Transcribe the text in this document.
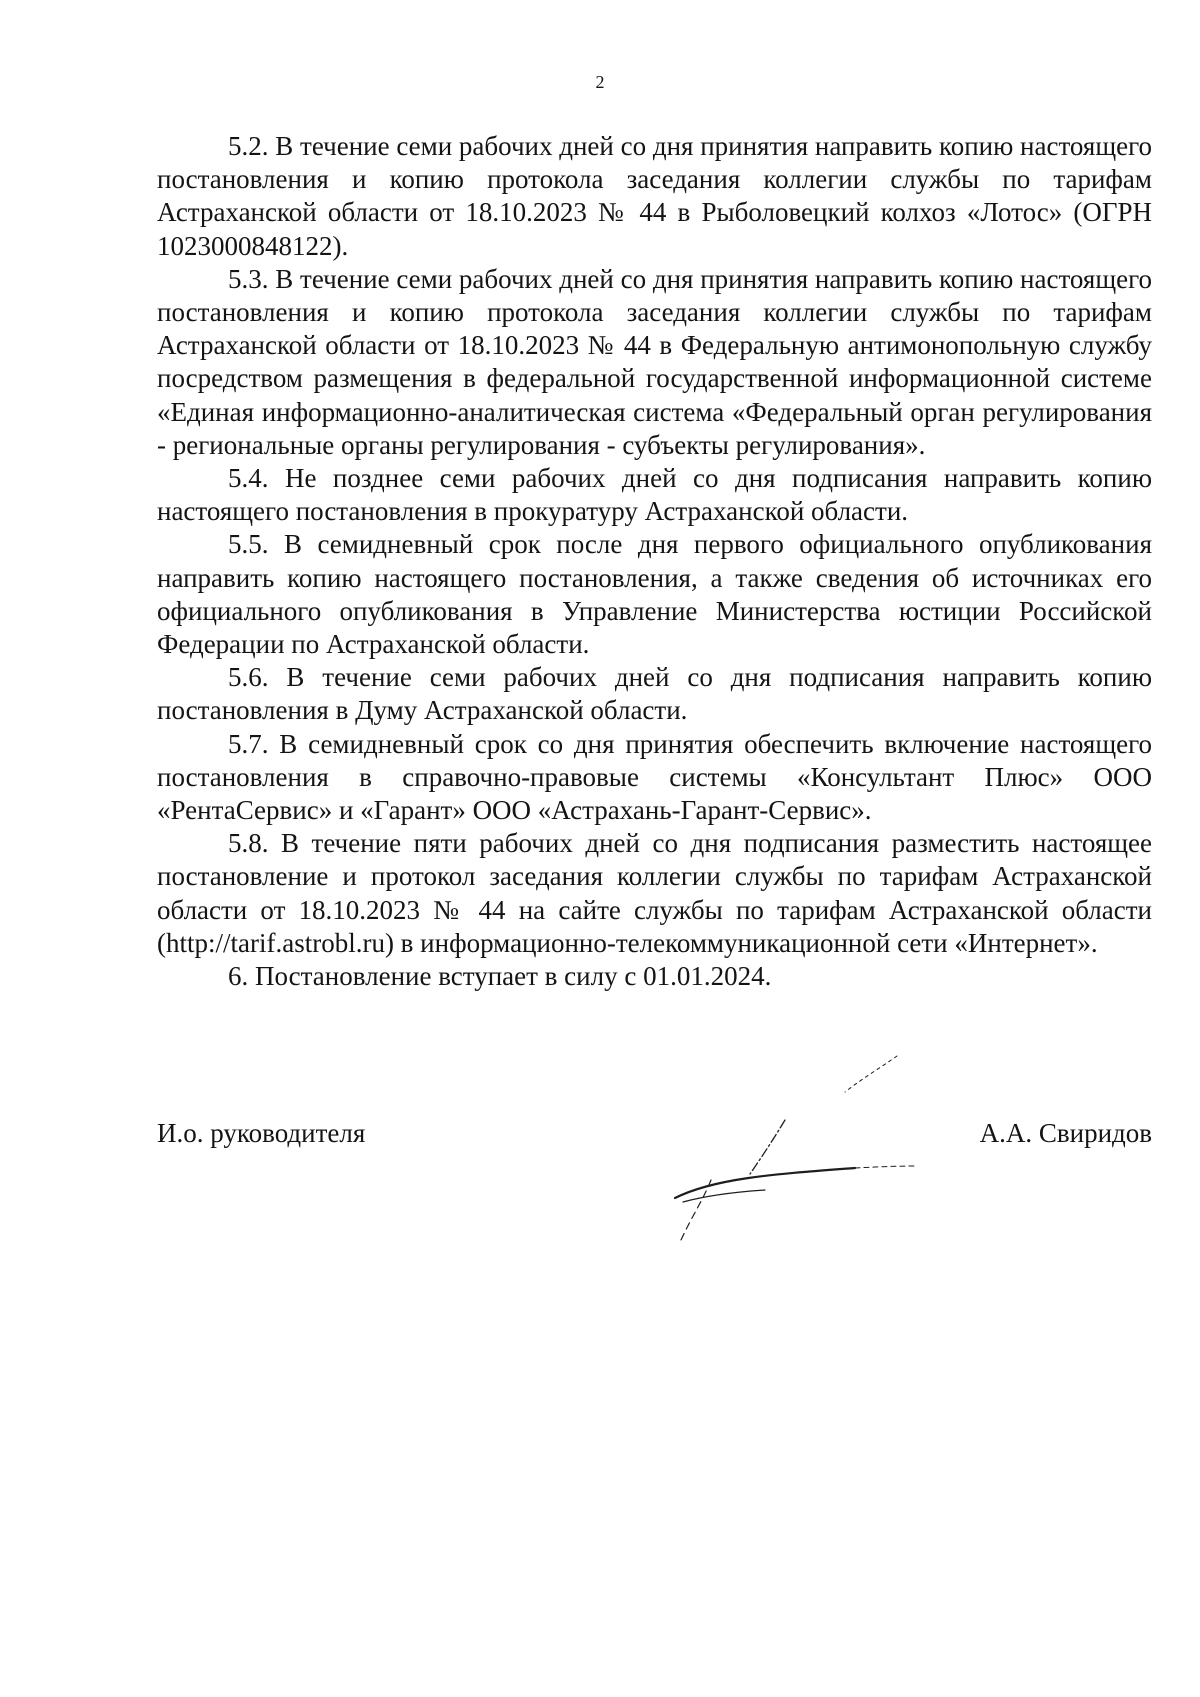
2

5.2. В течение семи рабочих дней со дня принятия направить копию настоящего постановления и копию протокола заседания коллегии службы по тарифам Астраханской области от 18.10.2023 № 44 в Рыболовецкий колхоз «Лотос» (ОГРН 1023000848122).

5.3. В течение семи рабочих дней со дня принятия направить копию настоящего постановления и копию протокола заседания коллегии службы по тарифам Астраханской области от 18.10.2023 № 44 в Федеральную антимонопольную службу посредством размещения в федеральной государственной информационной системе «Единая информационно-аналитическая система «Федеральный орган регулирования - региональные органы регулирования - субъекты регулирования».

5.4. Не позднее семи рабочих дней со дня подписания направить копию настоящего постановления в прокуратуру Астраханской области.

5.5. В семидневный срок после дня первого официального опубликования направить копию настоящего постановления, а также сведения об источниках его официального опубликования в Управление Министерства юстиции Российской Федерации по Астраханской области.

5.6. В течение семи рабочих дней со дня подписания направить копию постановления в Думу Астраханской области.

5.7. В семидневный срок со дня принятия обеспечить включение настоящего постановления в справочно-правовые системы «Консультант Плюс» ООО «РентаСервис» и «Гарант» ООО «Астрахань-Гарант-Сервис».

5.8. В течение пяти рабочих дней со дня подписания разместить настоящее постановление и протокол заседания коллегии службы по тарифам Астраханской области от 18.10.2023 № 44 на сайте службы по тарифам Астраханской области (http://tarif.astrobl.ru) в информационно-телекоммуникационной сети «Интернет».

6. Постановление вступает в силу с 01.01.2024.

И.о. руководителя	А.А. Свиридов
